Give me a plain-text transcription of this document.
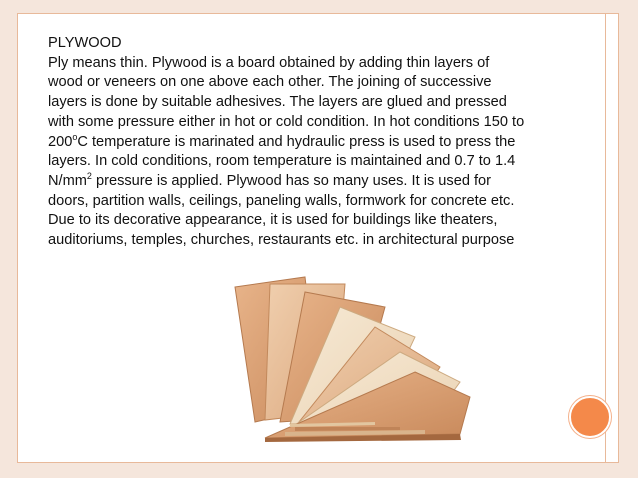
PLYWOOD
Ply means thin. Plywood is a board obtained by adding thin layers of
wood or veneers on one above each other. The joining of successive
layers is done by suitable adhesives. The layers are glued and pressed
with some pressure either in hot or cold condition. In hot conditions 150 to
200$^o$C temperature is marinated and hydraulic press is used to press the
layers. In cold conditions, room temperature is maintained and 0.7 to 1.4
$N/mm^2$ pressure is applied. Plywood has so many uses. It is used for
doors, partition walls, ceilings, paneling walls, formwork for concrete etc.
Due to its decorative appearance, it is used for buildings like theaters,
auditoriums, temples, churches, restaurants etc. in architectural purpose
